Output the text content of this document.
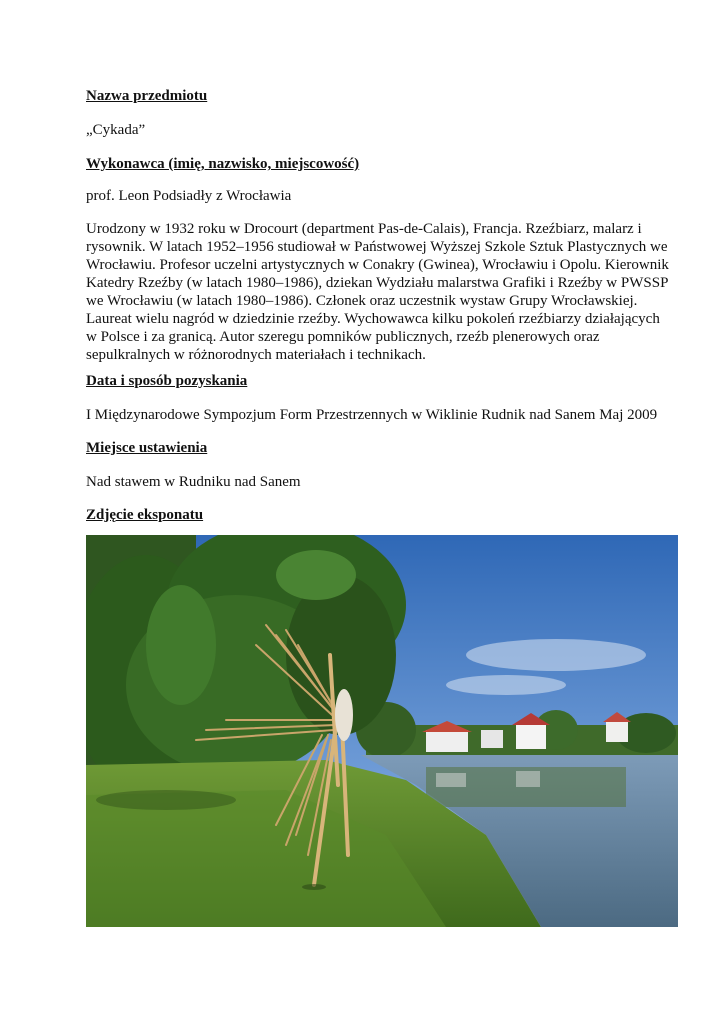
Nazwa przedmiotu
„Cykada”
Wykonawca (imię, nazwisko, miejscowość)
prof. Leon Podsiadły z Wrocławia
Urodzony w 1932 roku w Drocourt (department Pas-de-Calais), Francja. Rzeźbiarz, malarz i
rysownik. W latach 1952–1956 studiował w Państwowej Wyższej Szkole Sztuk Plastycznych we
Wrocławiu. Profesor uczelni artystycznych w Conakry (Gwinea), Wrocławiu i Opolu. Kierownik
Katedry Rzeźby (w latach 1980–1986), dziekan Wydziału malarstwa Grafiki i Rzeźby w PWSSP
we Wrocławiu (w latach 1980–1986). Członek oraz uczestnik wystaw Grupy Wrocławskiej.
Laureat wielu nagród w dziedzinie rzeźby. Wychowawca kilku pokoleń rzeźbiarzy działających
w Polsce i za granicą. Autor szeregu pomników publicznych, rzeźb plenerowych oraz
sepulkralnych w różnorodnych materiałach i technikach.
Data i sposób pozyskania
I Międzynarodowe Sympozjum Form Przestrzennych w Wiklinie Rudnik nad Sanem Maj 2009
Miejsce ustawienia
Nad stawem w Rudniku nad Sanem
Zdjęcie eksponatu
